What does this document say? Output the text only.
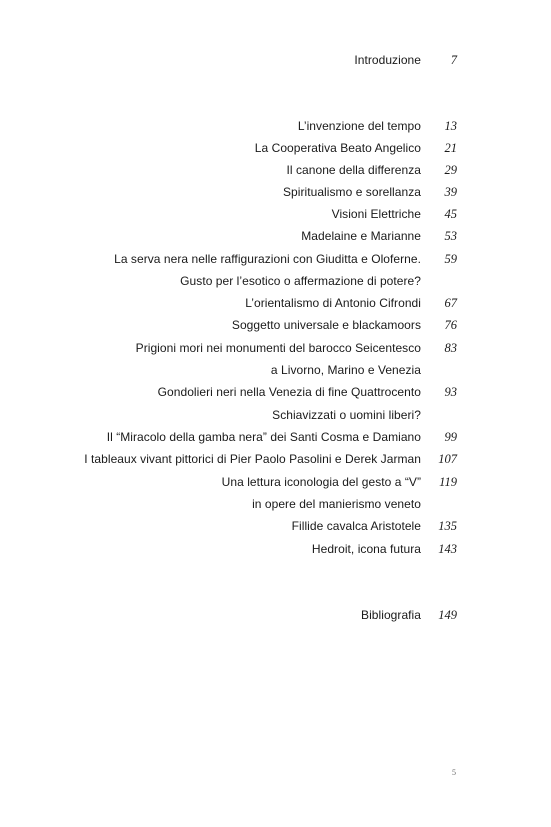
Introduzione 7
L’invenzione del tempo 13
La Cooperativa Beato Angelico 21
Il canone della differenza 29
Spiritualismo e sorellanza 39
Visioni Elettriche 45
Madelaine e Marianne 53
La serva nera nelle raffigurazioni con Giuditta e Oloferne. 59
Gusto per l’esotico o affermazione di potere?
L’orientalismo di Antonio Cifrondi 67
Soggetto universale e blackamoors 76
Prigioni mori nei monumenti del barocco Seicentesco 83
a Livorno, Marino e Venezia
Gondolieri neri nella Venezia di fine Quattrocento 93
Schiavizzati o uomini liberi?
Il “Miracolo della gamba nera” dei Santi Cosma e Damiano 99
I tableaux vivant pittorici di Pier Paolo Pasolini e Derek Jarman 107
Una lettura iconologia del gesto a “V” 119
in opere del manierismo veneto
Fillide cavalca Aristotele 135
Hedroit, icona futura 143
Bibliografia 149
5
